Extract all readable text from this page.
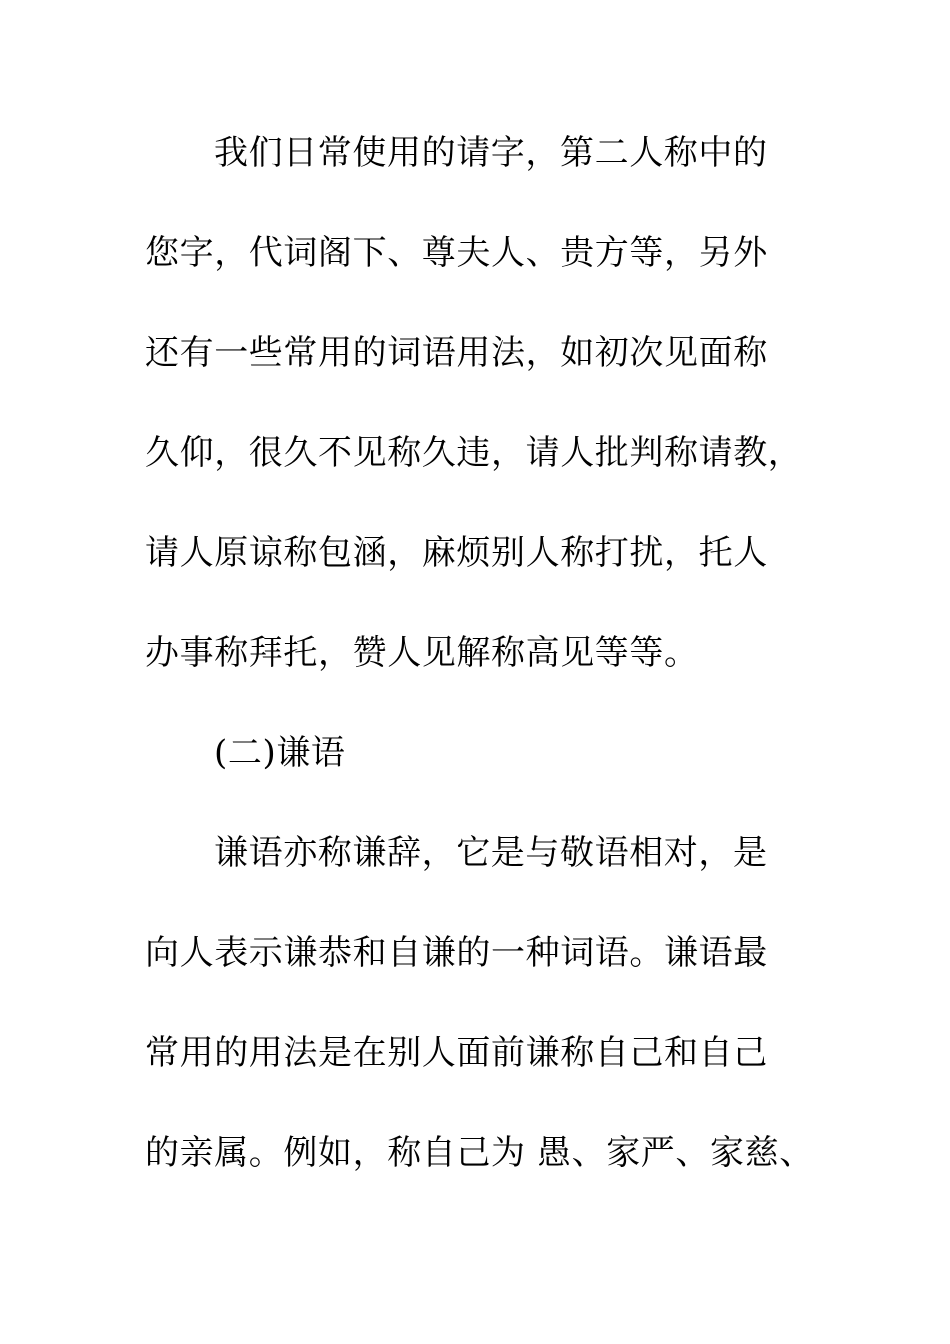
我们日常使用的请字，第二人称中的
您字，代词阁下、尊夫人、贵方等，另外
还有一些常用的词语用法，如初次见面称
久仰，很久不见称久违，请人批判称请教，
请人原谅称包涵，麻烦别人称打扰，托人
办事称拜托，赞人见解称高见等等。
(二)谦语
谦语亦称谦辞，它是与敬语相对，是
向人表示谦恭和自谦的一种词语。谦语最
常用的用法是在别人面前谦称自己和自己
的亲属。例如，称自己为 愚、家严、家慈、
